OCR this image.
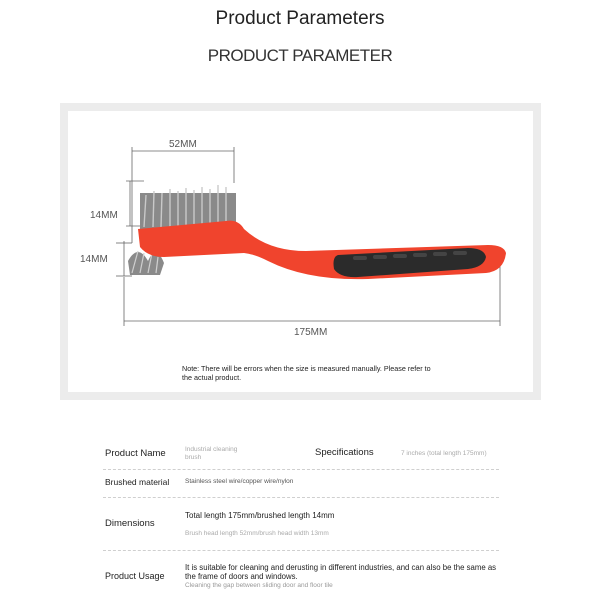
Product Parameters
PRODUCT PARAMETER
52MM
14MM
14MM
175MM
Note: There will be errors when the size is measured manually. Please refer to the actual product.
Product Name	Industrial cleaning brush	Specifications	7 inches (total length 175mm)
Brushed material Stainless steel wire/copper wire/nylon
Dimensions
Total length 175mm/brushed length 14mm
Brush head length 52mm/brush head width 13mm
Product Usage
It is suitable for cleaning and derusting in different industries, and can also be the same as the frame of doors and windows.
Cleaning the gap between sliding door and floor tile
